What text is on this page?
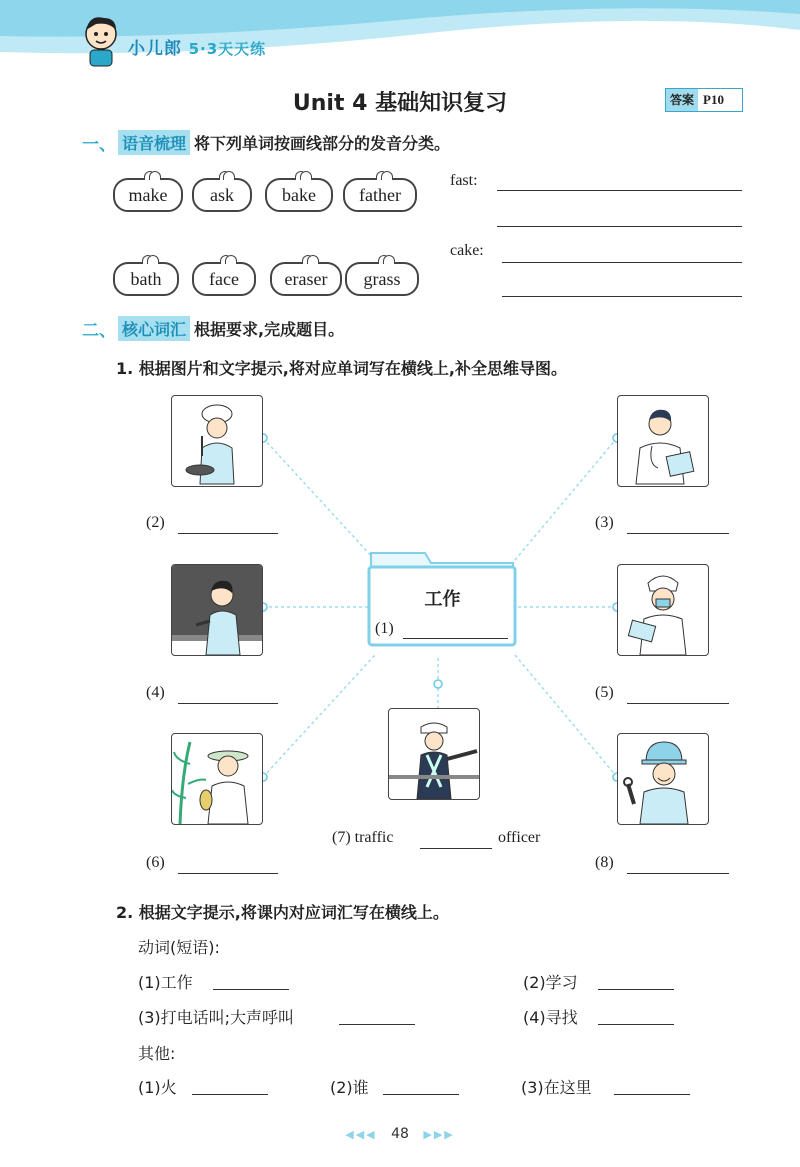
小儿郎 5·3天天练
Unit 4 基础知识复习	答案 P10
一、 语音梳理 将下列单词按画线部分的发音分类。
make	ask	bake	father
bath	face	eraser	grass
fast:
cake:
二、 核心词汇 根据要求,完成题目。
1. 根据图片和文字提示,将对应单词写在横线上,补全思维导图。
工作
(1)
(2)	(3)
(4)	(5)
(7) traffic	officer
(6)	(8)
2. 根据文字提示,将课内对应词汇写在横线上。
动词(短语):
(1)工作	(2)学习
(3)打电话叫;大声呼叫	(4)寻找
其他:
(1)火	(2)谁	(3)在这里
◀◀◀ 48 ▶▶▶
